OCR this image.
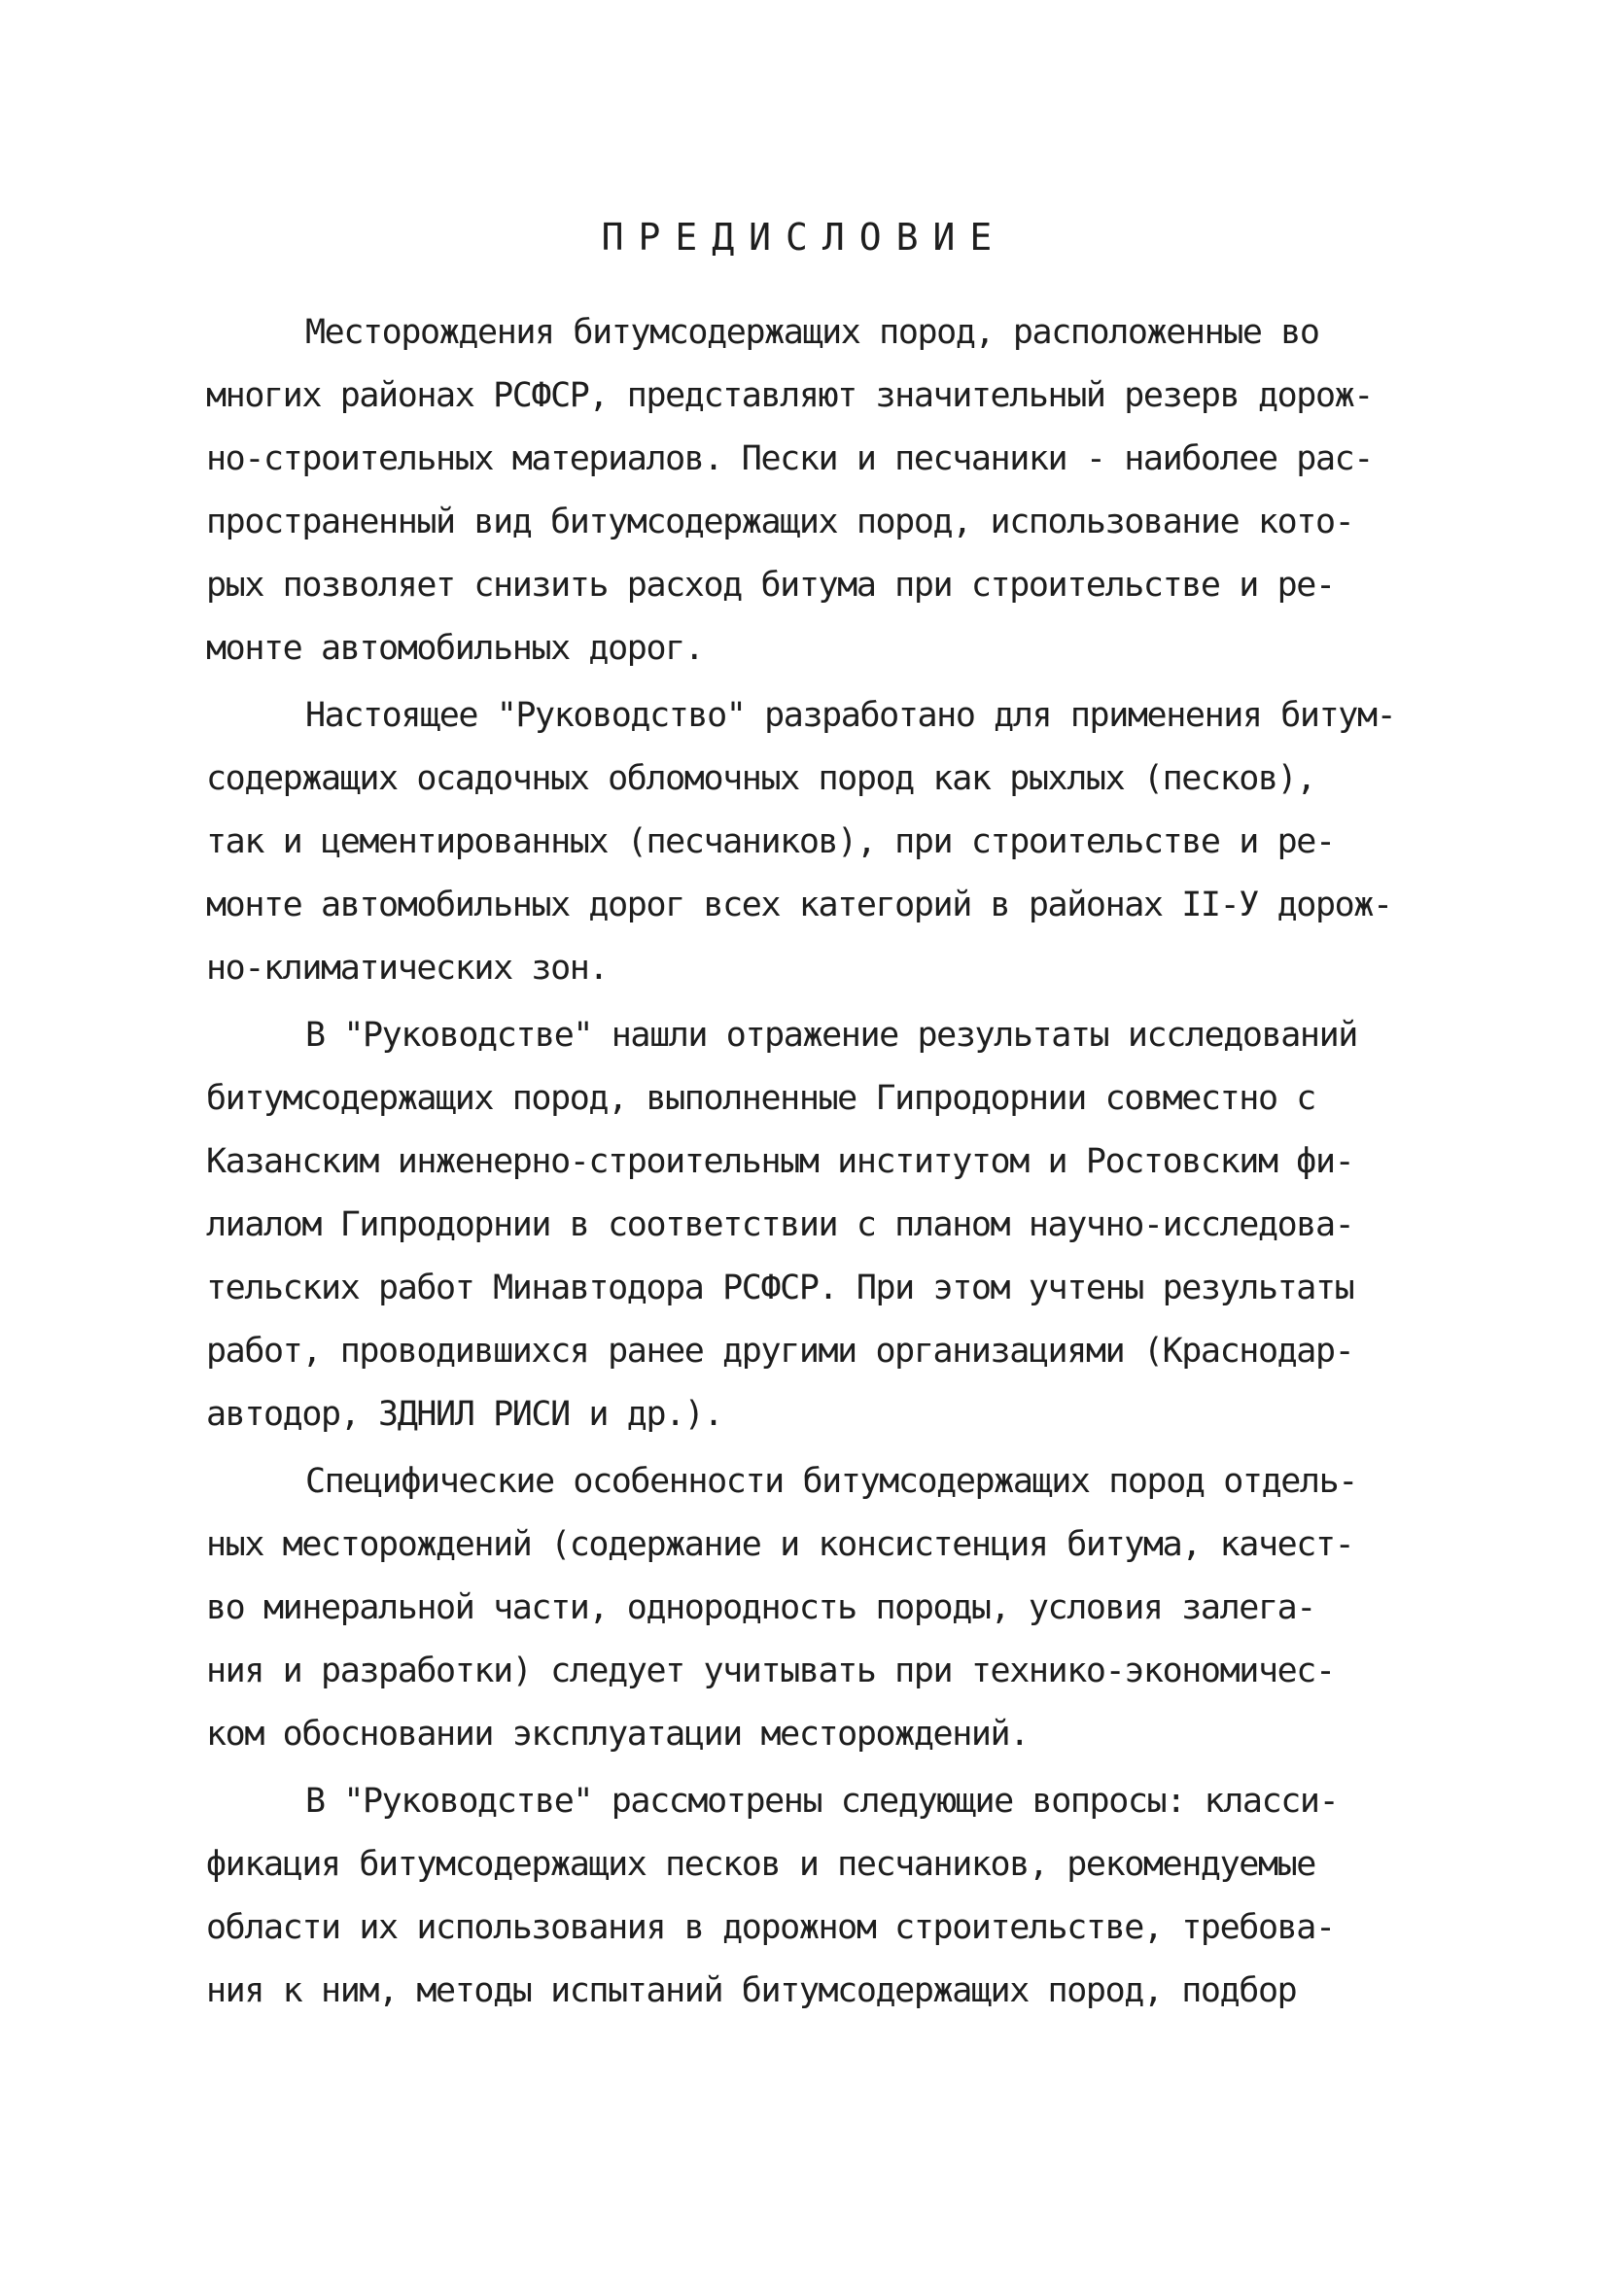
ПРЕДИСЛОВИЕ
Месторождения битумсодержащих пород, расположенные во
многих районах РСФСР, представляют значительный резерв дорож-
но-строительных материалов. Пески и песчаники - наиболее рас-
пространенный вид битумсодержащих пород, использование кото-
рых позволяет снизить расход битума при строительстве и ре-
монте автомобильных дорог.
Настоящее "Руководство" разработано для применения битум-
содержащих осадочных обломочных пород как рыхлых (песков),
так и цементированных (песчаников), при строительстве и ре-
монте автомобильных дорог всех категорий в районах II-У дорож-
но-климатических зон.
В "Руководстве" нашли отражение результаты исследований
битумсодержащих пород, выполненные Гипродорнии совместно с
Казанским инженерно-строительным институтом и Ростовским фи-
лиалом Гипродорнии в соответствии с планом научно-исследова-
тельских работ Минавтодора РСФСР. При этом учтены результаты
работ, проводившихся ранее другими организациями (Краснодар-
автодор, ЗДНИЛ РИСИ и др.).
Специфические особенности битумсодержащих пород отдель-
ных месторождений (содержание и консистенция битума, качест-
во минеральной части, однородность породы, условия залега-
ния и разработки) следует учитывать при технико-экономичес-
ком обосновании эксплуатации месторождений.
В "Руководстве" рассмотрены следующие вопросы: класси-
фикация битумсодержащих песков и песчаников, рекомендуемые
области их использования в дорожном строительстве, требова-
ния к ним, методы испытаний битумсодержащих пород, подбор
